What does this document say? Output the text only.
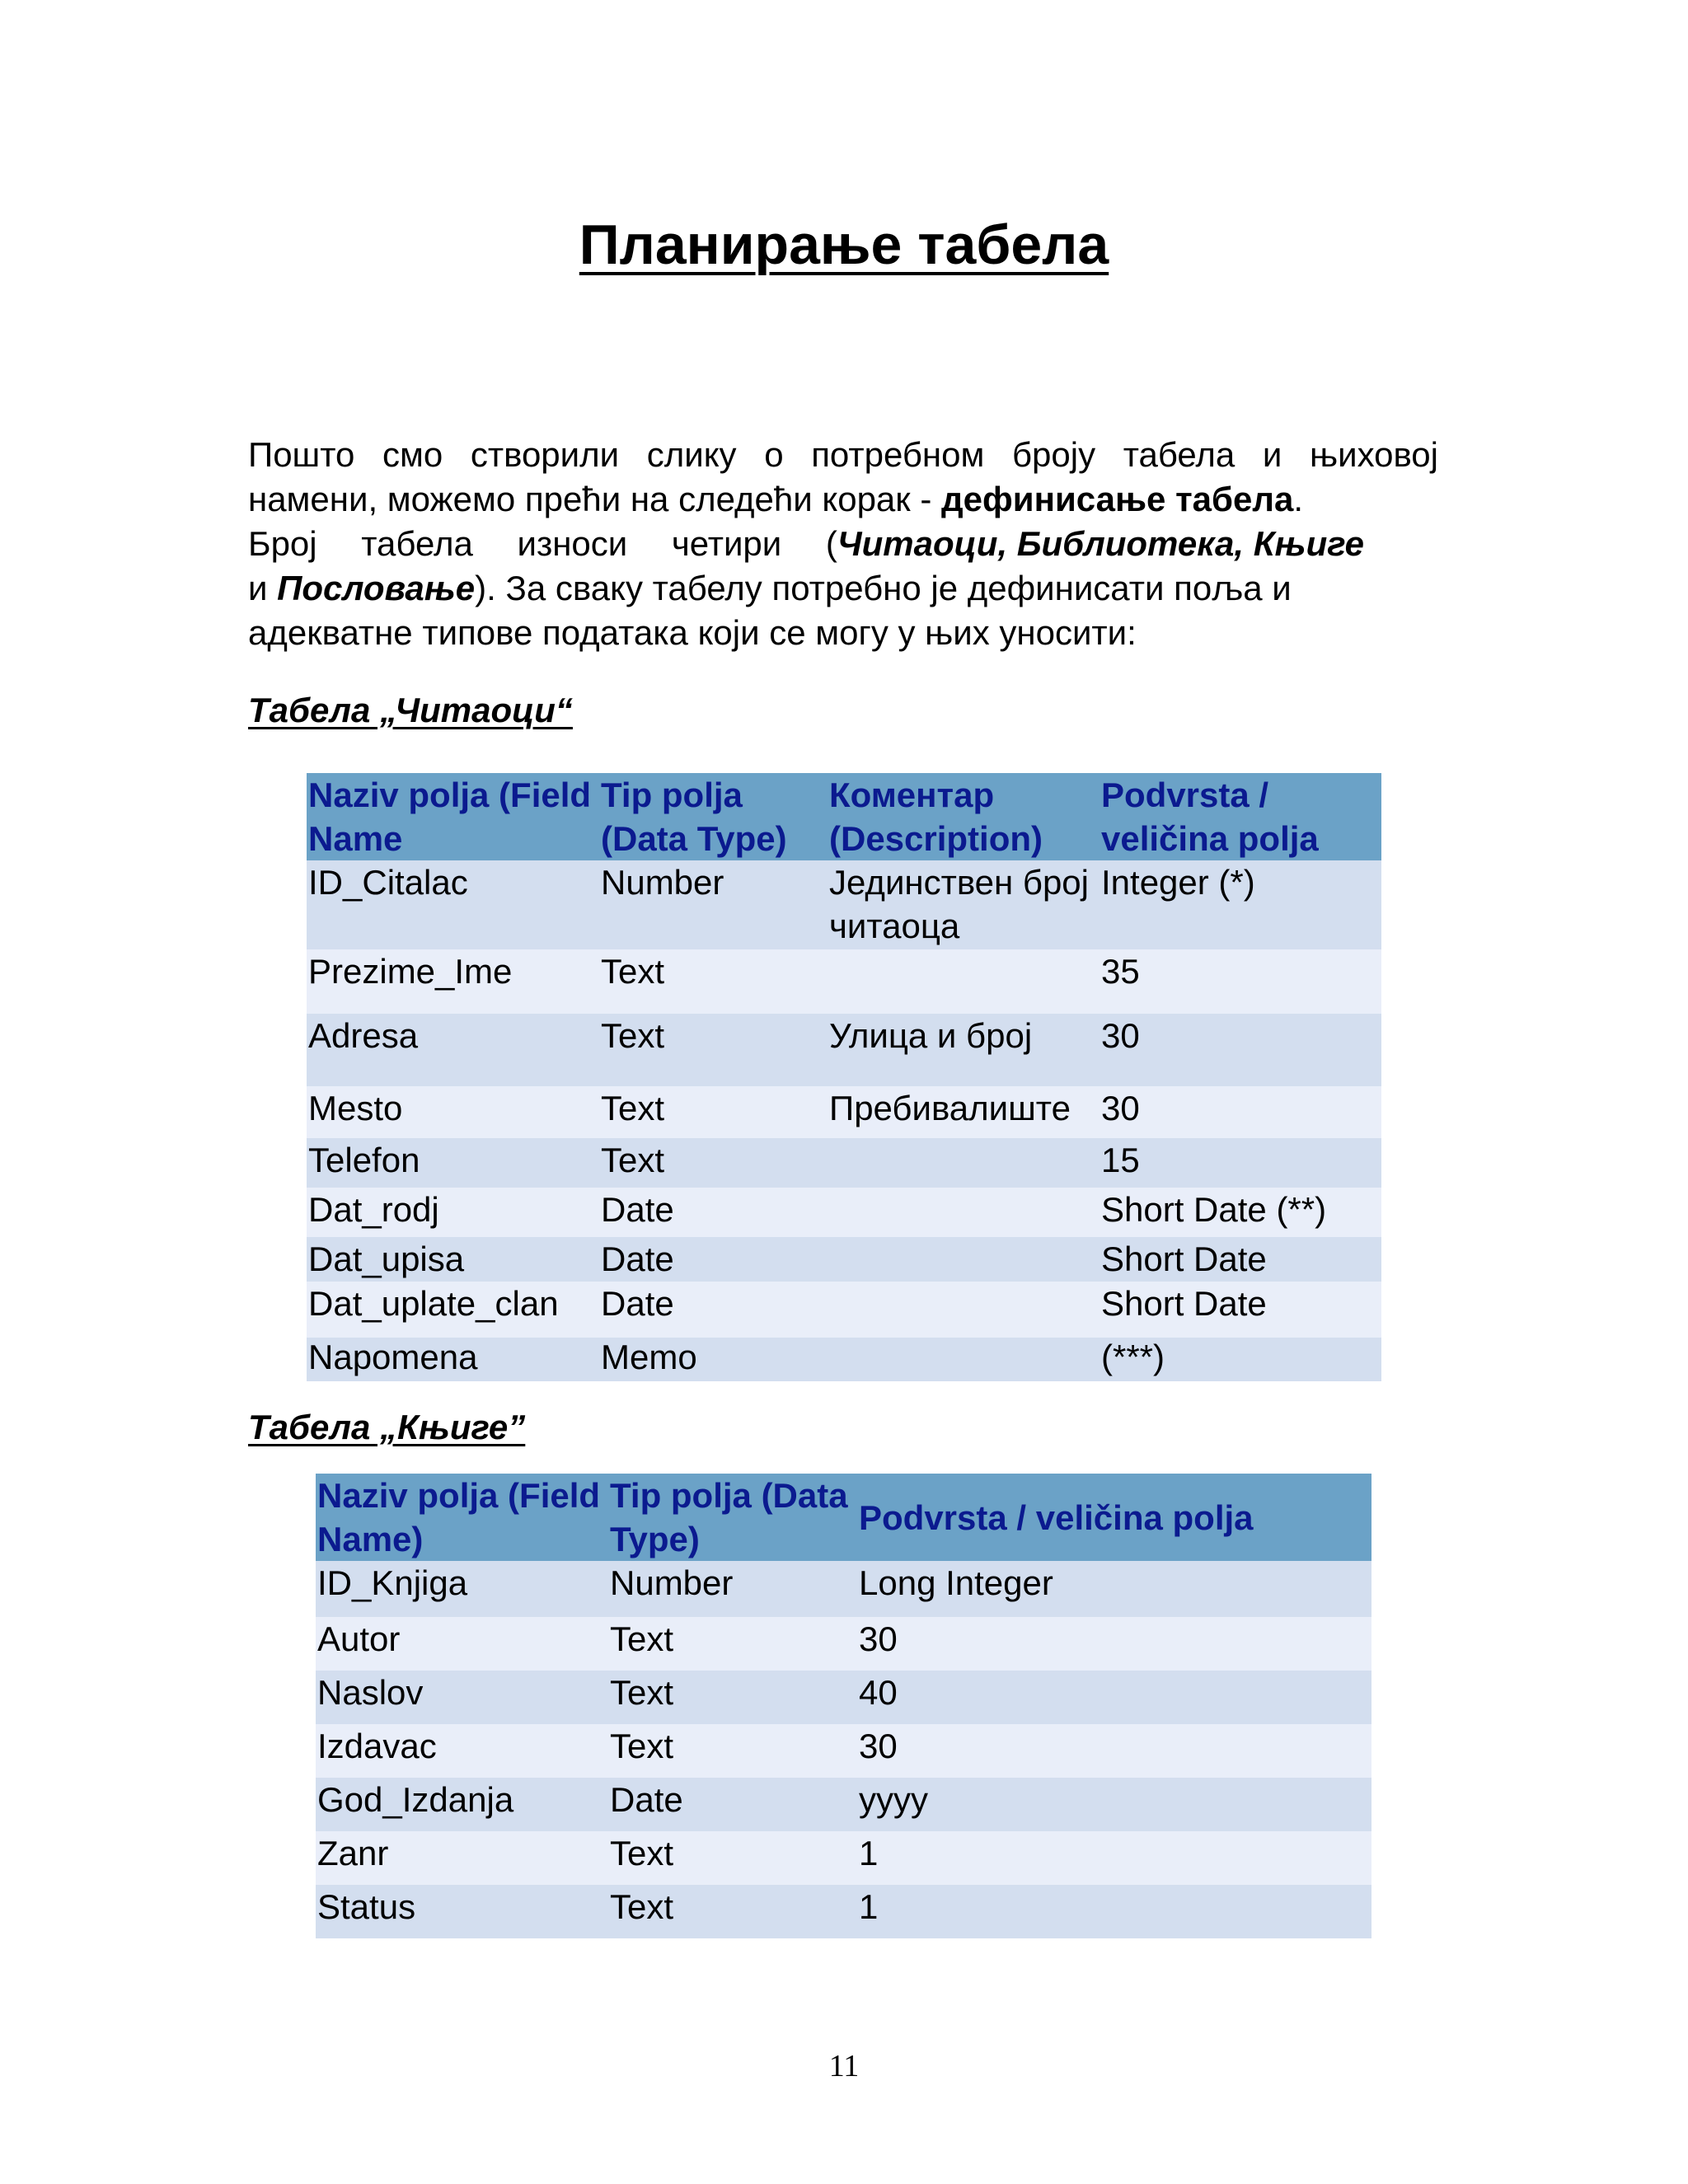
Планирање табела

Пошто смо створили слику о потребном броју табела и њиховој
намени, можемо прећи на следећи корак - дефинисање табела.
Број табела износи четири (Читаоци, Библиотека, Књиге
и Пословање). За сваку табелу потребно је дефинисати поља и
адекватне типове података који се могу у њих уносити:

Табела „Читаоци“
Naziv polja (Field Name	Tip polja (Data Type)	Коментар (Description)	Podvrsta / veličina polja
ID_Citalac	Number	Јединствен број читаоца	Integer (*)
Prezime_Ime	Text		35
Adresa	Text	Улица и број	30
Mesto	Text	Пребивалиште	30
Telefon	Text		15
Dat_rodj	Date		Short Date (**)
Dat_upisa	Date		Short Date
Dat_uplate_clan	Date		Short Date
Napomena	Memo		(***)
Табела „Књиге”
Naziv polja (Field Name)	Tip polja (Data Type)	Podvrsta / veličina polja
ID_Knjiga	Number	Long Integer
Autor	Text	30
Naslov	Text	40
Izdavac	Text	30
God_Izdanja	Date	yyyy
Zanr	Text	1
Status	Text	1

11
